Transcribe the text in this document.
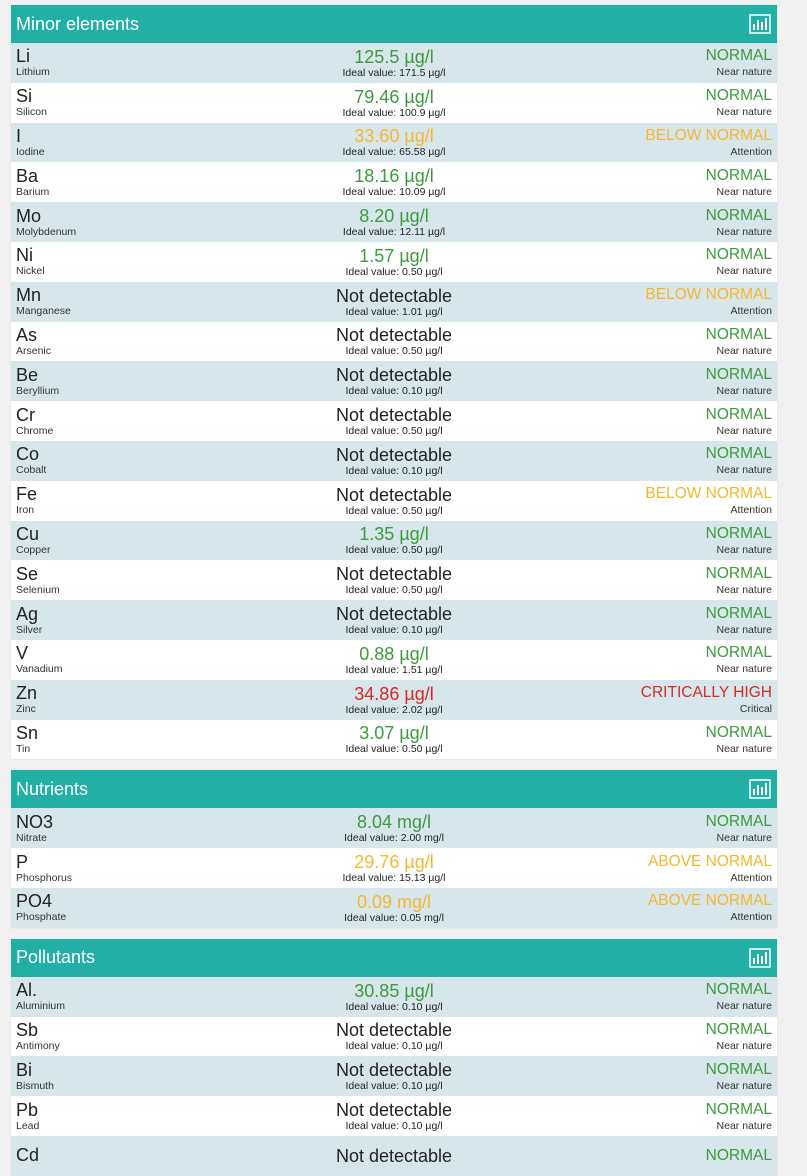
Minor elements
Li
Lithium
125.5 µg/l
Ideal value: 171.5 µg/l
NORMAL
Near nature
Si
Silicon
79.46 µg/l
Ideal value: 100.9 µg/l
NORMAL
Near nature
I
Iodine
33.60 µg/l
Ideal value: 65.58 µg/l
BELOW NORMAL
Attention
Ba
Barium
18.16 µg/l
Ideal value: 10.09 µg/l
NORMAL
Near nature
Mo
Molybdenum
8.20 µg/l
Ideal value: 12.11 µg/l
NORMAL
Near nature
Ni
Nickel
1.57 µg/l
Ideal value: 0.50 µg/l
NORMAL
Near nature
Mn
Manganese
Not detectable
Ideal value: 1.01 µg/l
BELOW NORMAL
Attention
As
Arsenic
Not detectable
Ideal value: 0.50 µg/l
NORMAL
Near nature
Be
Beryllium
Not detectable
Ideal value: 0.10 µg/l
NORMAL
Near nature
Cr
Chrome
Not detectable
Ideal value: 0.50 µg/l
NORMAL
Near nature
Co
Cobalt
Not detectable
Ideal value: 0.10 µg/l
NORMAL
Near nature
Fe
Iron
Not detectable
Ideal value: 0.50 µg/l
BELOW NORMAL
Attention
Cu
Copper
1.35 µg/l
Ideal value: 0.50 µg/l
NORMAL
Near nature
Se
Selenium
Not detectable
Ideal value: 0.50 µg/l
NORMAL
Near nature
Ag
Silver
Not detectable
Ideal value: 0.10 µg/l
NORMAL
Near nature
V
Vanadium
0.88 µg/l
Ideal value: 1.51 µg/l
NORMAL
Near nature
Zn
Zinc
34.86 µg/l
Ideal value: 2.02 µg/l
CRITICALLY HIGH
Critical
Sn
Tin
3.07 µg/l
Ideal value: 0.50 µg/l
NORMAL
Near nature
Nutrients
NO3
Nitrate
8.04 mg/l
Ideal value: 2.00 mg/l
NORMAL
Near nature
P
Phosphorus
29.76 µg/l
Ideal value: 15.13 µg/l
ABOVE NORMAL
Attention
PO4
Phosphate
0.09 mg/l
Ideal value: 0.05 mg/l
ABOVE NORMAL
Attention
Pollutants
Al.
Aluminium
30.85 µg/l
Ideal value: 0.10 µg/l
NORMAL
Near nature
Sb
Antimony
Not detectable
Ideal value: 0.10 µg/l
NORMAL
Near nature
Bi
Bismuth
Not detectable
Ideal value: 0.10 µg/l
NORMAL
Near nature
Pb
Lead
Not detectable
Ideal value: 0.10 µg/l
NORMAL
Near nature
Cd	Not detectable	NORMAL
